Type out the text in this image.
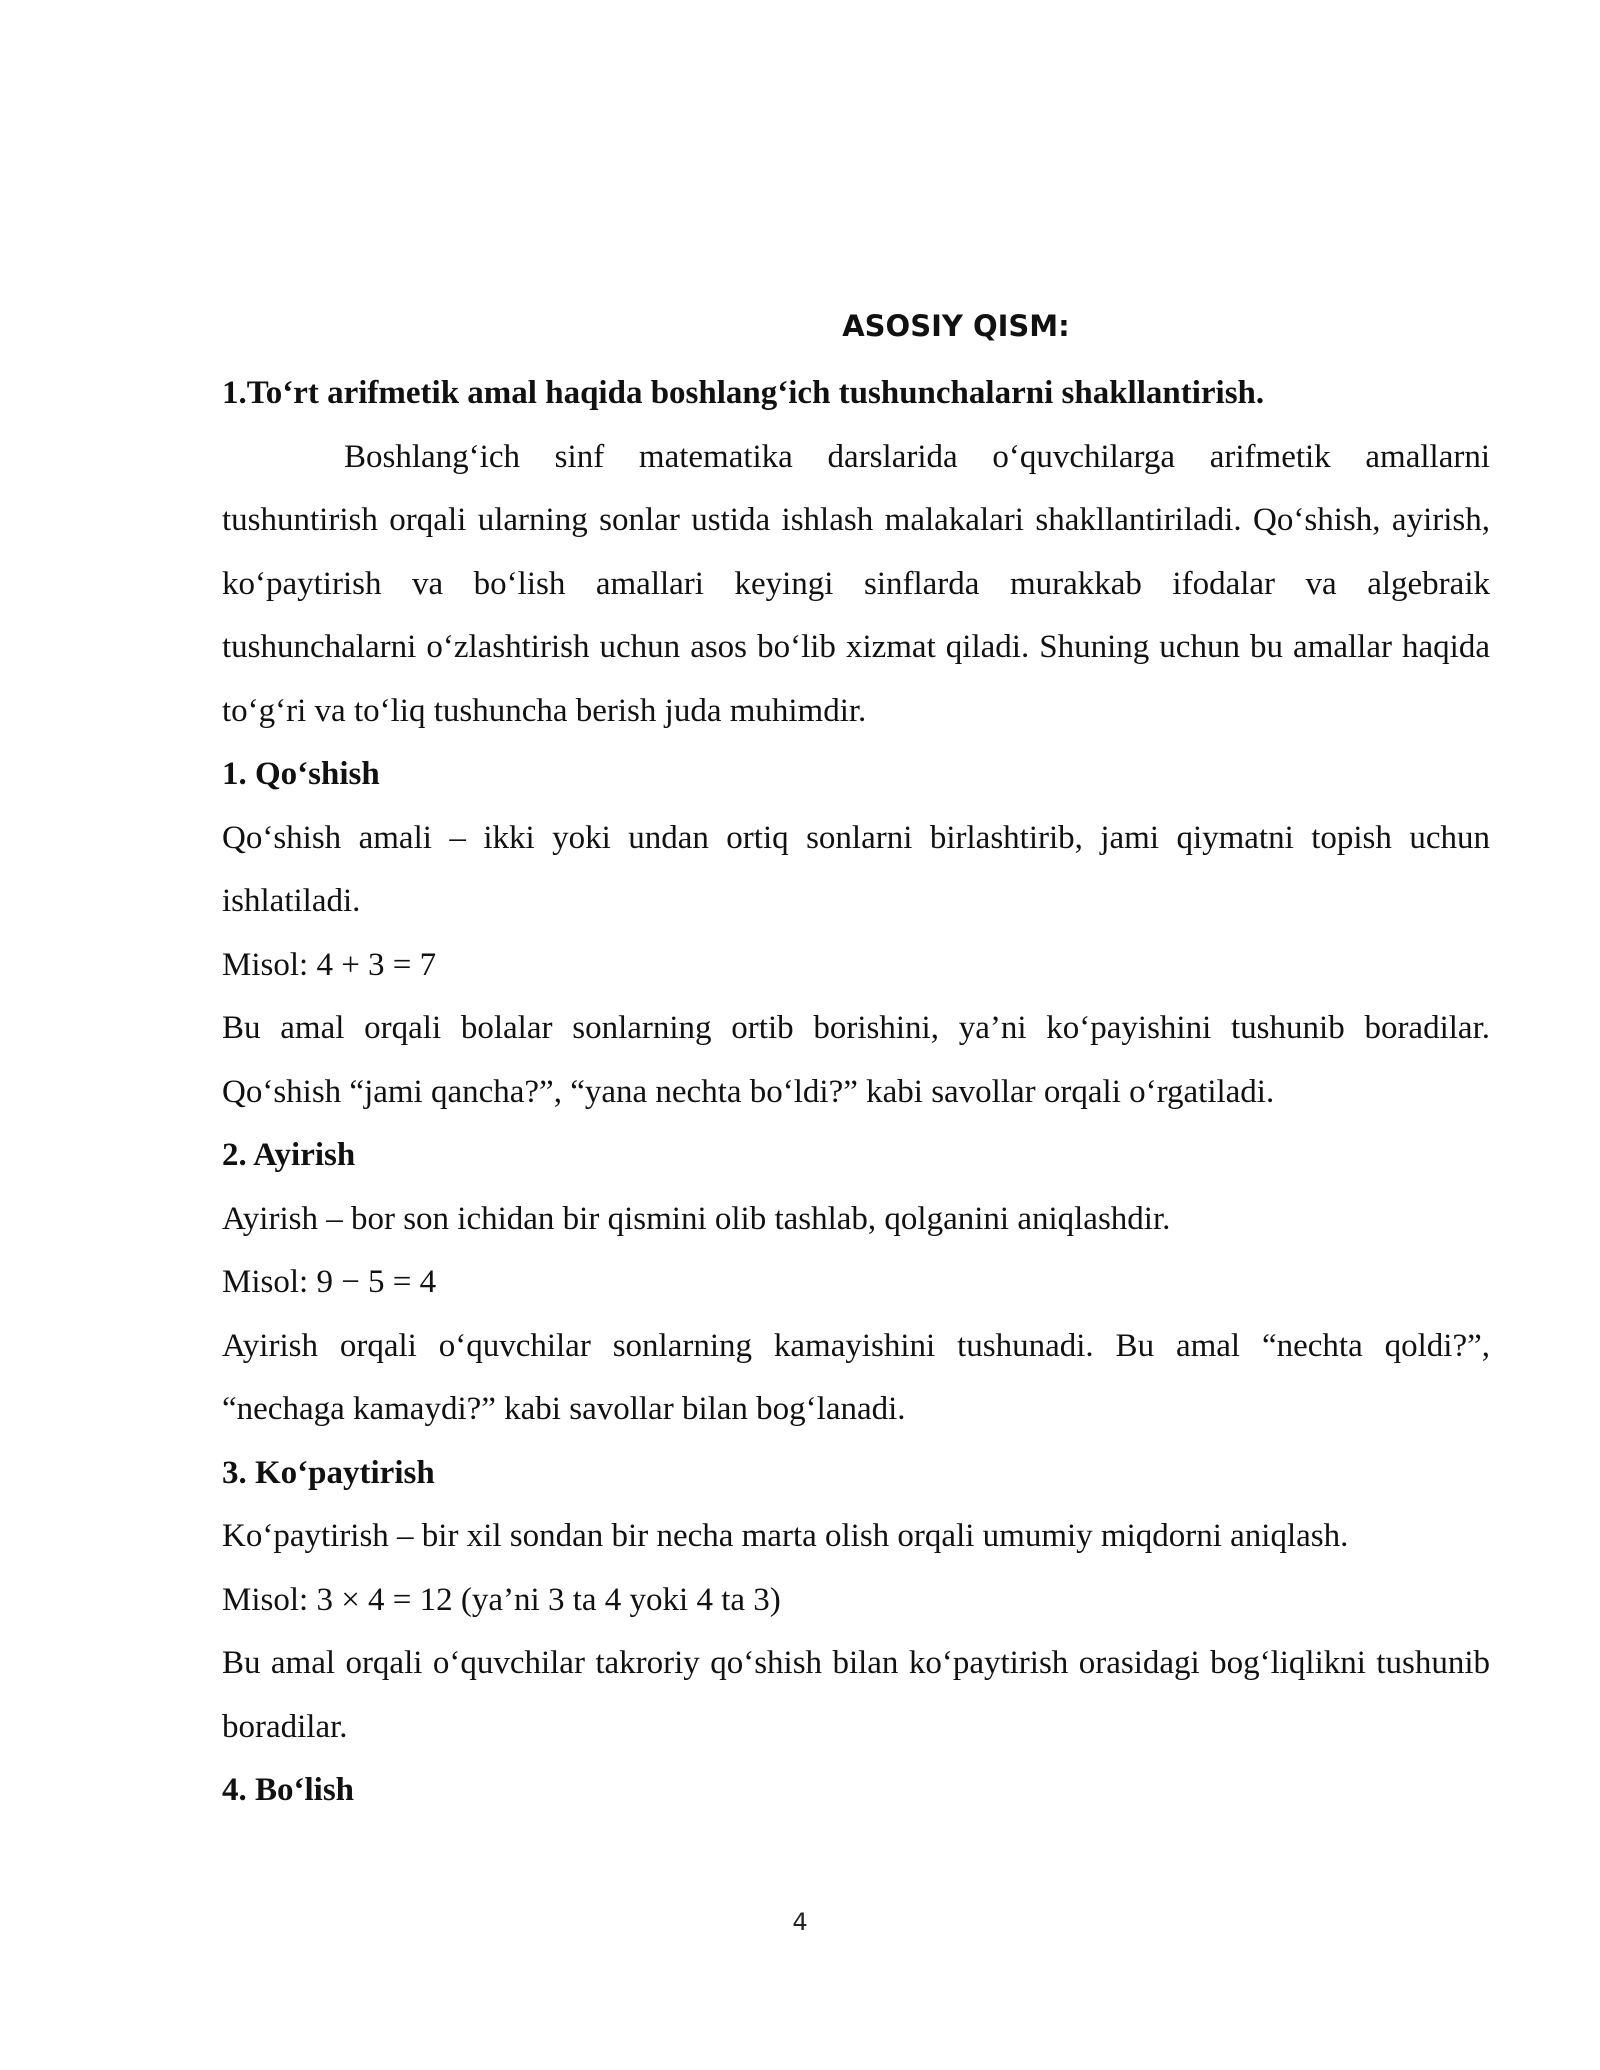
ASOSIY QISM:

1.To‘rt arifmetik amal haqida boshlang‘ich tushunchalarni shakllantirish.

Boshlang‘ich sinf matematika darslarida o‘quvchilarga arifmetik amallarni tushuntirish orqali ularning sonlar ustida ishlash malakalari shakllantiriladi. Qo‘shish, ayirish, ko‘paytirish va bo‘lish amallari keyingi sinflarda murakkab ifodalar va algebraik tushunchalarni o‘zlashtirish uchun asos bo‘lib xizmat qiladi. Shuning uchun bu amallar haqida to‘g‘ri va to‘liq tushuncha berish juda muhimdir.

1. Qo‘shish

Qo‘shish amali – ikki yoki undan ortiq sonlarni birlashtirib, jami qiymatni topish uchun ishlatiladi.

Misol: 4 + 3 = 7

Bu amal orqali bolalar sonlarning ortib borishini, ya’ni ko‘payishini tushunib boradilar. Qo‘shish “jami qancha?”, “yana nechta bo‘ldi?” kabi savollar orqali o‘rgatiladi.

2. Ayirish

Ayirish – bor son ichidan bir qismini olib tashlab, qolganini aniqlashdir.

Misol: 9 − 5 = 4

Ayirish orqali o‘quvchilar sonlarning kamayishini tushunadi. Bu amal “nechta qoldi?”, “nechaga kamaydi?” kabi savollar bilan bog‘lanadi.

3. Ko‘paytirish

Ko‘paytirish – bir xil sondan bir necha marta olish orqali umumiy miqdorni aniqlash.

Misol: 3 × 4 = 12 (ya’ni 3 ta 4 yoki 4 ta 3)

Bu amal orqali o‘quvchilar takroriy qo‘shish bilan ko‘paytirish orasidagi bog‘liqlikni tushunib boradilar.

4. Bo‘lish

4
